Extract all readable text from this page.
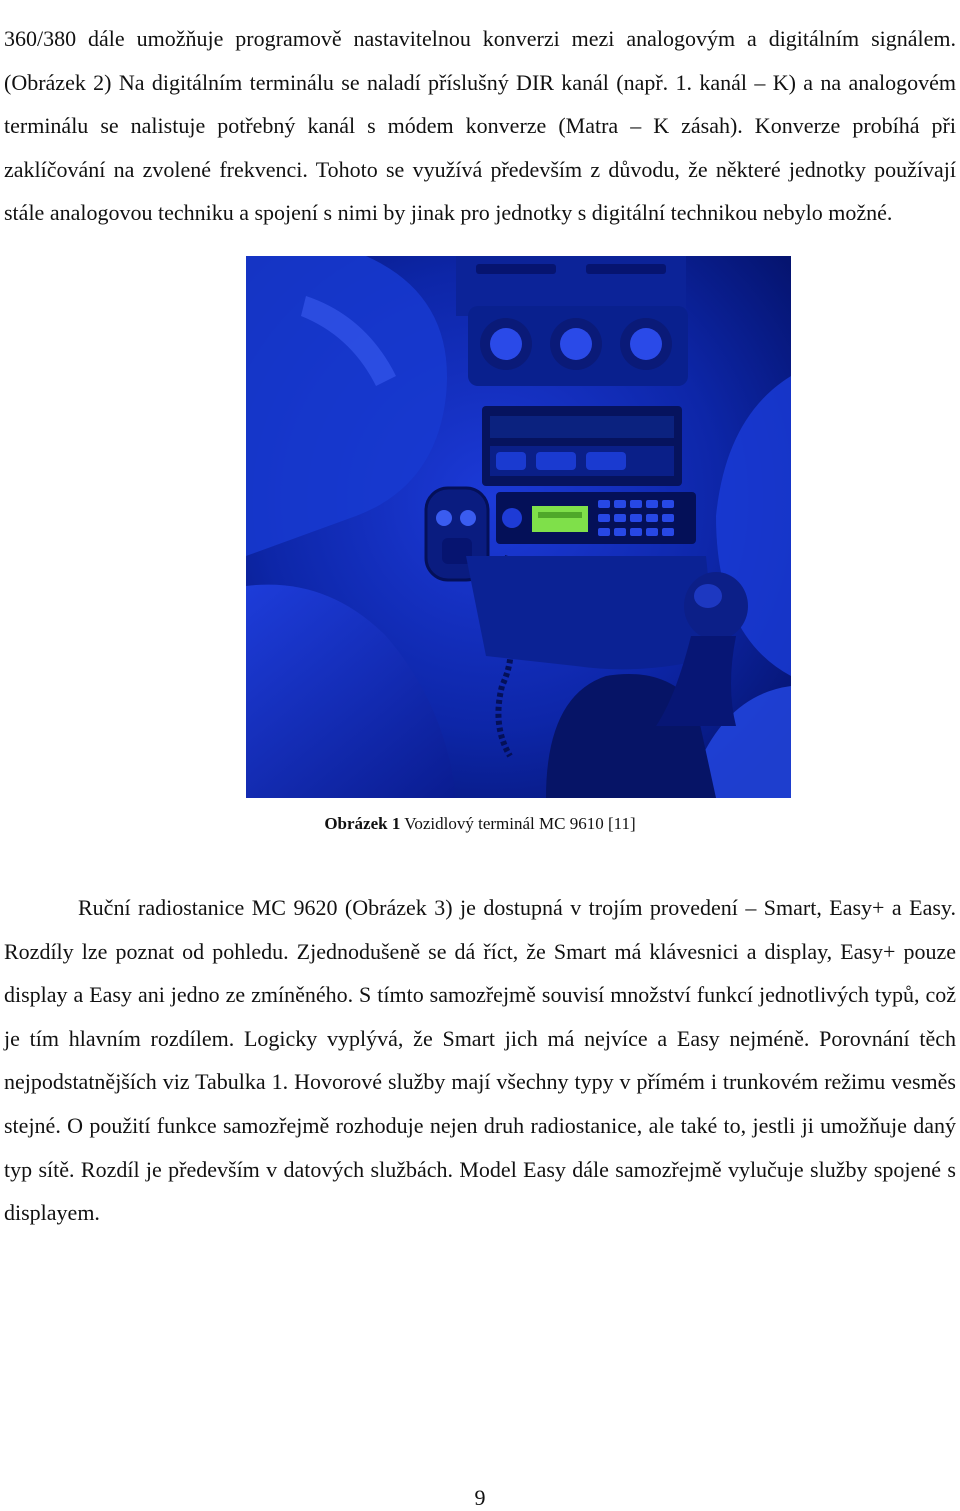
360/380 dále umožňuje programově nastavitelnou konverzi mezi analogovým a digitálním signálem. (Obrázek 2) Na digitálním terminálu se naladí příslušný DIR kanál (např. 1. kanál – K) a na analogovém terminálu se nalistuje potřebný kanál s módem konverze (Matra – K zásah). Konverze probíhá při zaklíčování na zvolené frekvenci. Tohoto se využívá především z důvodu, že některé jednotky používají stále analogovou techniku a spojení s nimi by jinak pro jednotky s digitální technikou nebylo možné.

Obrázek 1 Vozidlový terminál MC 9610 [11]

Ruční radiostanice MC 9620 (Obrázek 3) je dostupná v trojím provedení – Smart, Easy+ a Easy. Rozdíly lze poznat od pohledu. Zjednodušeně se dá říct, že Smart má klávesnici a display, Easy+ pouze display a Easy ani jedno ze zmíněného. S tímto samozřejmě souvisí množství funkcí jednotlivých typů, což je tím hlavním rozdílem. Logicky vyplývá, že Smart jich má nejvíce a Easy nejméně. Porovnání těch nejpodstatnějších viz Tabulka 1. Hovorové služby mají všechny typy v přímém i trunkovém režimu vesměs stejné. O použití funkce samozřejmě rozhoduje nejen druh radiostanice, ale také to, jestli ji umožňuje daný typ sítě. Rozdíl je především v datových službách. Model Easy dále samozřejmě vylučuje služby spojené s displayem.

9
